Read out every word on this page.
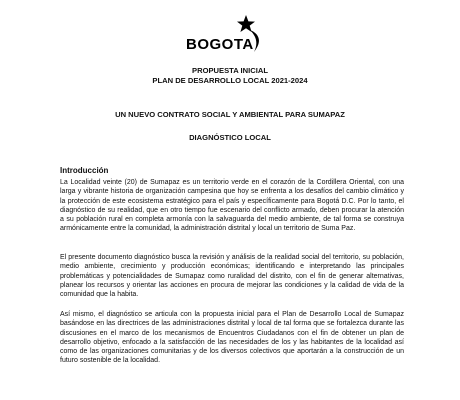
BOGOTA
PROPUESTA INICIAL
PLAN DE DESARROLLO LOCAL 2021-2024
UN NUEVO CONTRATO SOCIAL Y AMBIENTAL PARA SUMAPAZ
DIAGNÓSTICO LOCAL
Introducción

La Localidad veinte (20) de Sumapaz es un territorio verde en el corazón de la Cordillera Oriental, con una larga y vibrante historia de organización campesina que hoy se enfrenta a los desafíos del cambio climático y la protección de este ecosistema estratégico para el país y específicamente para Bogotá D.C. Por lo tanto, el diagnóstico de su realidad, que en otro tiempo fue escenario del conflicto armado, deben procurar la atención a su población rural en completa armonía con la salvaguarda del medio ambiente, de tal forma se construya armónicamente entre la comunidad, la administración distrital y local un territorio de Suma Paz.

El presente documento diagnóstico busca la revisión y análisis de la realidad social del territorio, su población, medio ambiente, crecimiento y producción económicas; identificando e interpretando las principales problemáticas y potencialidades de Sumapaz como ruralidad del distrito, con el fin de generar alternativas, planear los recursos y orientar las acciones en procura de mejorar las condiciones y la calidad de vida de la comunidad que la habita.

Así mismo, el diagnóstico se articula con la propuesta inicial para el Plan de Desarrollo Local de Sumapaz basándose en las directrices de las administraciones distrital y local de tal forma que se fortalezca durante las discusiones en el marco de los mecanismos de Encuentros Ciudadanos con el fin de obtener un plan de desarrollo objetivo, enfocado a la satisfacción de las necesidades de los y las habitantes de la localidad así como de las organizaciones comunitarias y de los diversos colectivos que aportarán a la construcción de un futuro sostenible de la localidad.
